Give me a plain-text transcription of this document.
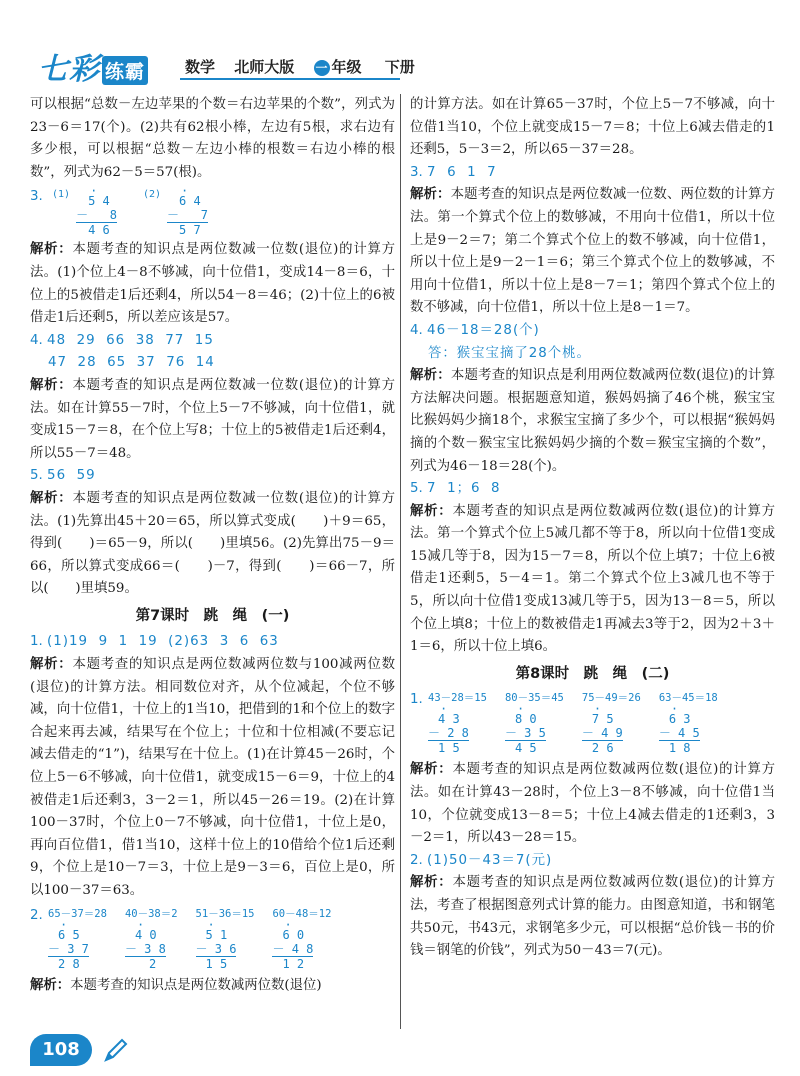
七彩 练霸	数学 北师大版 一 年级 下册

可以根据“总数－左边苹果的个数＝右边苹果的个数”，列式为23－6＝17(个)。(2)共有62根小棒，左边有5根，求右边有多少根，可以根据“总数－左边小棒的根数＝右边小棒的根数”，列式为62－5＝57(根)。

3. (1)	·
5 4
－   8
4 6
(2)	·
6 4
－   7
5 7

解析：本题考查的知识点是两位数减一位数(退位)的计算方法。(1)个位上4－8不够减，向十位借1，变成14－8＝6，十位上的5被借走1后还剩4，所以54－8＝46；(2)十位上的6被借走1后还剩5，所以差应该是57。

4. 48  29  66  38  77  15

47  28  65  37  76  14

解析：本题考查的知识点是两位数减一位数(退位)的计算方法。如在计算55－7时，个位上5－7不够减，向十位借1，就变成15－7＝8，在个位上写8；十位上的5被借走1后还剩4，所以55－7＝48。

5. 56  59

解析：本题考查的知识点是两位数减一位数(退位)的计算方法。(1)先算出45＋20＝65，所以算式变成(　　)＋9＝65，得到(　　)＝65－9，所以(　　)里填56。(2)先算出75－9＝66，所以算式变成66＝(　　)－7，得到(　　)＝66－7，所以(　　)里填59。

第7课时　跳　绳　(一)

1. (1)19  9  1  19  (2)63  3  6  63

解析：本题考查的知识点是两位数减两位数与100减两位数(退位)的计算方法。相同数位对齐，从个位减起，个位不够减，向十位借1，十位上的1当10，把借到的1和个位上的数字合起来再去减，结果写在个位上；十位和十位相减(不要忘记减去借走的“1”)，结果写在十位上。(1)在计算45－26时，个位上5－6不够减，向十位借1，就变成15－6＝9，十位上的4被借走1后还剩3，3－2＝1，所以45－26＝19。(2)在计算100－37时，个位上0－7不够减，向十位借1，十位上是0，再向百位借1，借1当10，这样十位上的10借给个位1后还剩9，个位上是10－7＝3，十位上是9－3＝6，百位上是0，所以100－37＝63。

2. 65－37＝28
·
6 5
－ 3 7
2 8
40－38＝2
·
4 0
－ 3 8
2
51－36＝15
·
5 1
－ 3 6
1 5
60－48＝12
·
6 0
－ 4 8
1 2

解析：本题考查的知识点是两位数减两位数(退位)

的计算方法。如在计算65－37时，个位上5－7不够减，向十位借1当10，个位上就变成15－7＝8；十位上6减去借走的1还剩5，5－3＝2，所以65－37＝28。

3. 7  6  1  7

解析：本题考查的知识点是两位数减一位数、两位数的计算方法。第一个算式个位上的数够减，不用向十位借1，所以十位上是9－2＝7；第二个算式个位上的数不够减，向十位借1，所以十位上是9－2－1＝6；第三个算式个位上的数够减，不用向十位借1，所以十位上是8－7＝1；第四个算式个位上的数不够减，向十位借1，所以十位上是8－1＝7。

4. 46－18＝28(个)

答：猴宝宝摘了28个桃。

解析：本题考查的知识点是利用两位数减两位数(退位)的计算方法解决问题。根据题意知道，猴妈妈摘了46个桃，猴宝宝比猴妈妈少摘18个，求猴宝宝摘了多少个，可以根据“猴妈妈摘的个数－猴宝宝比猴妈妈少摘的个数＝猴宝宝摘的个数”，列式为46－18＝28(个)。

5. 7  1；6  8

解析：本题考查的知识点是两位数减两位数(退位)的计算方法。第一个算式个位上5减几都不等于8，所以向十位借1变成15减几等于8，因为15－7＝8，所以个位上填7；十位上6被借走1还剩5，5－4＝1。第二个算式个位上3减几也不等于5，所以向十位借1变成13减几等于5，因为13－8＝5，所以个位上填8；十位上的数被借走1再减去3等于2，因为2＋3＋1＝6，所以十位上填6。

第8课时　跳　绳　(二)
1. 43－28＝15
·
4 3
－ 2 8
1 5
80－35＝45
·
8 0
－ 3 5
4 5
75－49＝26
·
7 5
－ 4 9
2 6
63－45＝18
·
6 3
－ 4 5
1 8

解析：本题考查的知识点是两位数减两位数(退位)的计算方法。如在计算43－28时，个位上3－8不够减，向十位借1当10，个位就变成13－8＝5；十位上4减去借走的1还剩3，3－2＝1，所以43－28＝15。

2. (1)50－43＝7(元)

解析：本题考查的知识点是两位数减两位数(退位)的计算方法，考查了根据图意列式计算的能力。由图意知道，书和钢笔共50元，书43元，求钢笔多少元，可以根据“总价钱－书的价钱＝钢笔的价钱”，列式为50－43＝7(元)。

108
